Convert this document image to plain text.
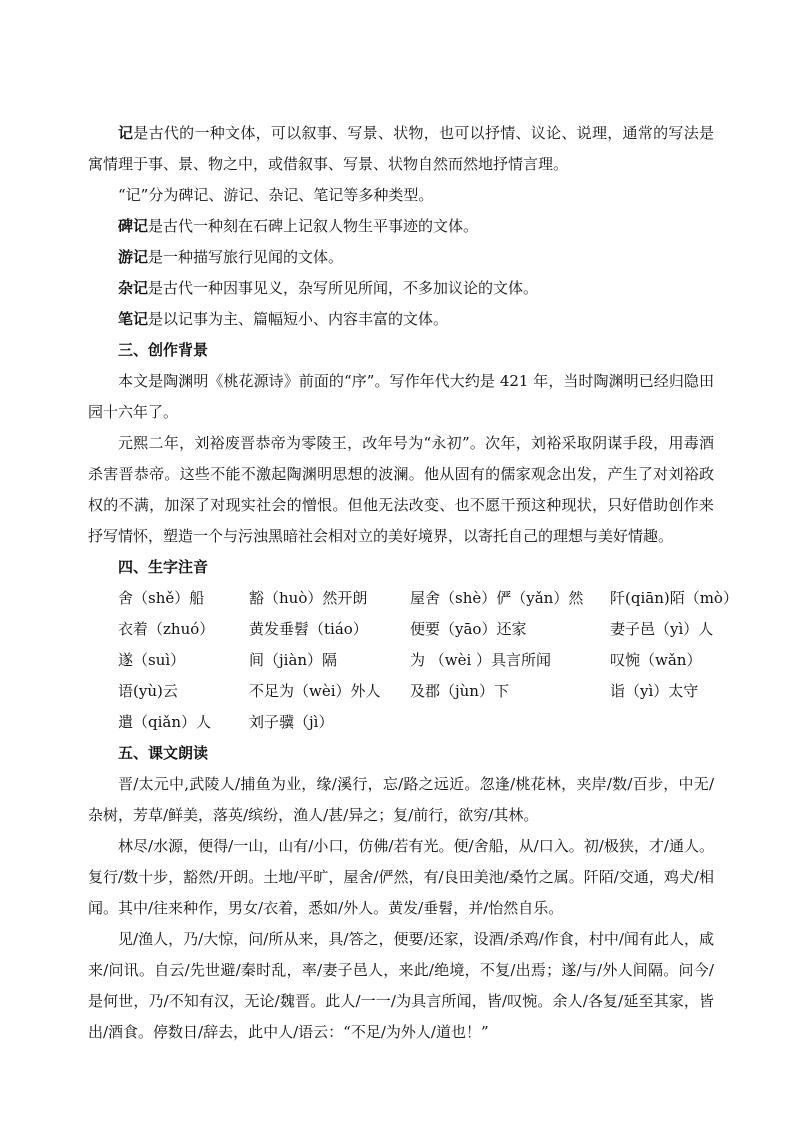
记是古代的一种文体，可以叙事、写景、状物，也可以抒情、议论、说理，通常的写法是寓情理于事、景、物之中，或借叙事、写景、状物自然而然地抒情言理。

“记”分为碑记、游记、杂记、笔记等多种类型。

碑记是古代一种刻在石碑上记叙人物生平事迹的文体。

游记是一种描写旅行见闻的文体。

杂记是古代一种因事见义，杂写所见所闻，不多加议论的文体。

笔记是以记事为主、篇幅短小、内容丰富的文体。

三、创作背景

本文是陶渊明《桃花源诗》前面的“序”。写作年代大约是 421 年，当时陶渊明已经归隐田园十六年了。

元熙二年，刘裕废晋恭帝为零陵王，改年号为“永初”。次年，刘裕采取阴谋手段，用毒酒杀害晋恭帝。这些不能不激起陶渊明思想的波澜。他从固有的儒家观念出发，产生了对刘裕政权的不满，加深了对现实社会的憎恨。但他无法改变、也不愿干预这种现状，只好借助创作来抒写情怀，塑造一个与污浊黑暗社会相对立的美好境界，以寄托自己的理想与美好情趣。

四、生字注音

舍（shě）船	豁（huò）然开朗	屋舍（shè）俨（yǎn）然	阡(qiān)陌（mò）
衣着（zhuó）	黄发垂髫（tiáo）	便要（yāo）还家	妻子邑（yì）人
遂（suì）	间（jiàn）隔	为 （wèi ）具言所闻	叹惋（wǎn）
语(yù)云	不足为（wèi）外人	及郡（jùn）下	诣（yì）太守
遣（qiǎn）人	刘子骥（jì）

五、课文朗读

晋/太元中,武陵人/捕鱼为业，缘/溪行，忘/路之远近。忽逢/桃花林，夹岸/数/百步，中无/杂树，芳草/鲜美，落英/缤纷，渔人/甚/异之；复/前行，欲穷/其林。

林尽/水源，便得/一山，山有/小口，仿佛/若有光。便/舍船，从/口入。初/极狭，才/通人。复行/数十步，豁然/开朗。土地/平旷，屋舍/俨然，有/良田美池/桑竹之属。阡陌/交通，鸡犬/相闻。其中/往来种作，男女/衣着，悉如/外人。黄发/垂髫，并/怡然自乐。

见/渔人，乃/大惊，问/所从来，具/答之，便要/还家，设酒/杀鸡/作食，村中/闻有此人，咸来/问讯。自云/先世避/秦时乱，率/妻子邑人，来此/绝境，不复/出焉；遂/与/外人间隔。问今/是何世，乃/不知有汉，无论/魏晋。此人/一一/为具言所闻，皆/叹惋。余人/各复/延至其家，皆出/酒食。停数日/辞去，此中人/语云：“不足/为外人/道也！”
